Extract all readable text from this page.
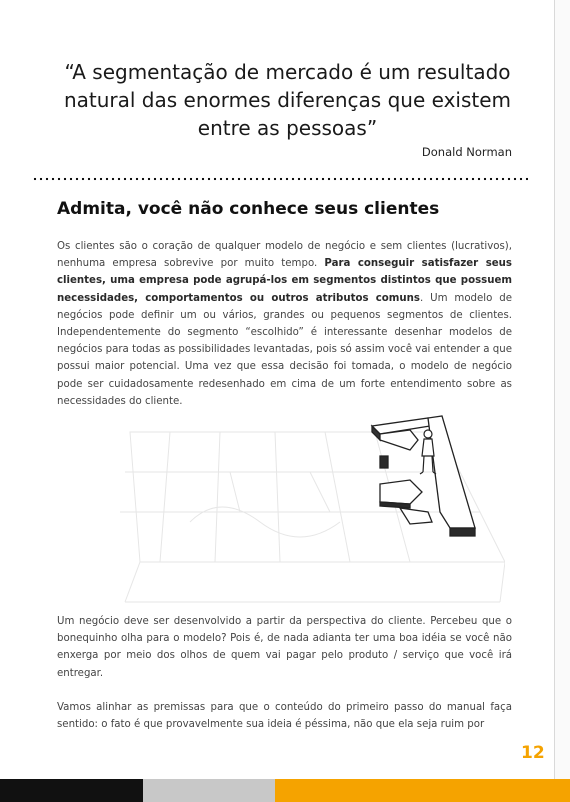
“A segmentação de mercado é um resultado natural das enormes diferenças que existem entre as pessoas”
Donald Norman
Admita, você não conhece seus clientes
Os clientes são o coração de qualquer modelo de negócio e sem clientes (lucrativos), nenhuma empresa sobrevive por muito tempo. Para conseguir satisfazer seus clientes, uma empresa pode agrupá-los em segmentos distintos que possuem necessidades, comportamentos ou outros atributos comuns. Um modelo de negócios pode definir um ou vários, grandes ou pequenos segmentos de clientes. Independentemente do segmento “escolhido” é interessante desenhar modelos de negócios para todas as possibilidades levantadas, pois só assim você vai entender a que possui maior potencial. Uma vez que essa decisão foi tomada, o modelo de negócio pode ser cuidadosamente redesenhado em cima de um forte entendimento sobre as necessidades do cliente.
Um negócio deve ser desenvolvido a partir da perspectiva do cliente. Percebeu que o bonequinho olha para o modelo? Pois é, de nada adianta ter uma boa idéia se você não enxerga por meio dos olhos de quem vai pagar pelo produto / serviço que você irá entregar.
Vamos alinhar as premissas para que o conteúdo do primeiro passo do manual faça sentido: o fato é que provavelmente sua ideia é péssima, não que ela seja ruim por
12
